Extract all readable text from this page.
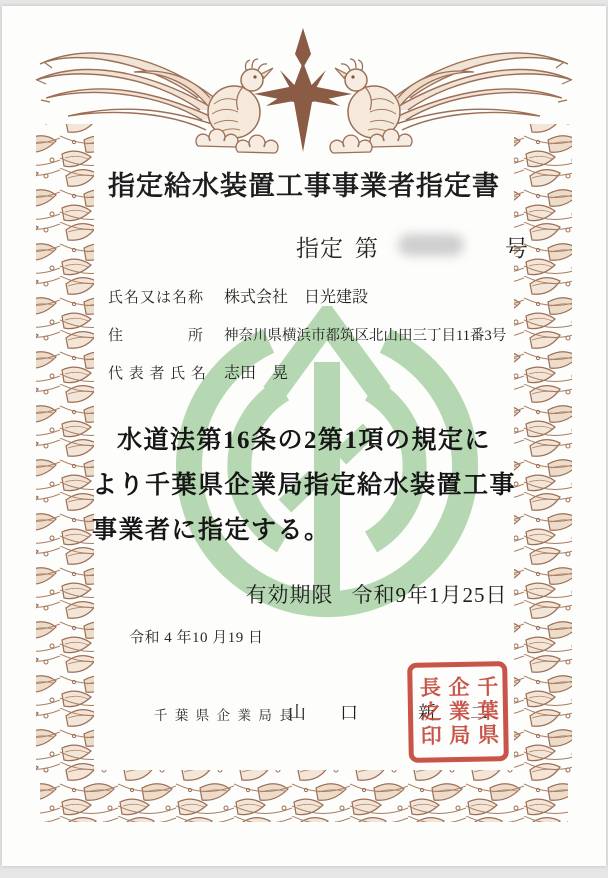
指定給水装置工事事業者指定書
指定 第	号
氏名又は名称 株式会社　日光建設
住　　　　所 神奈川県横浜市都筑区北山田三丁目11番3号
代 表 者 氏 名 志田　晃

水道法第16条の2第1項の規定に
より千葉県企業局指定給水装置工事
事業者に指定する。

有効期限 令和9年1月25日

令和 4 年10 月19 日
千 葉 県 企 業 局 長
山　口　　新　二
千葉県
企業局
長之印
